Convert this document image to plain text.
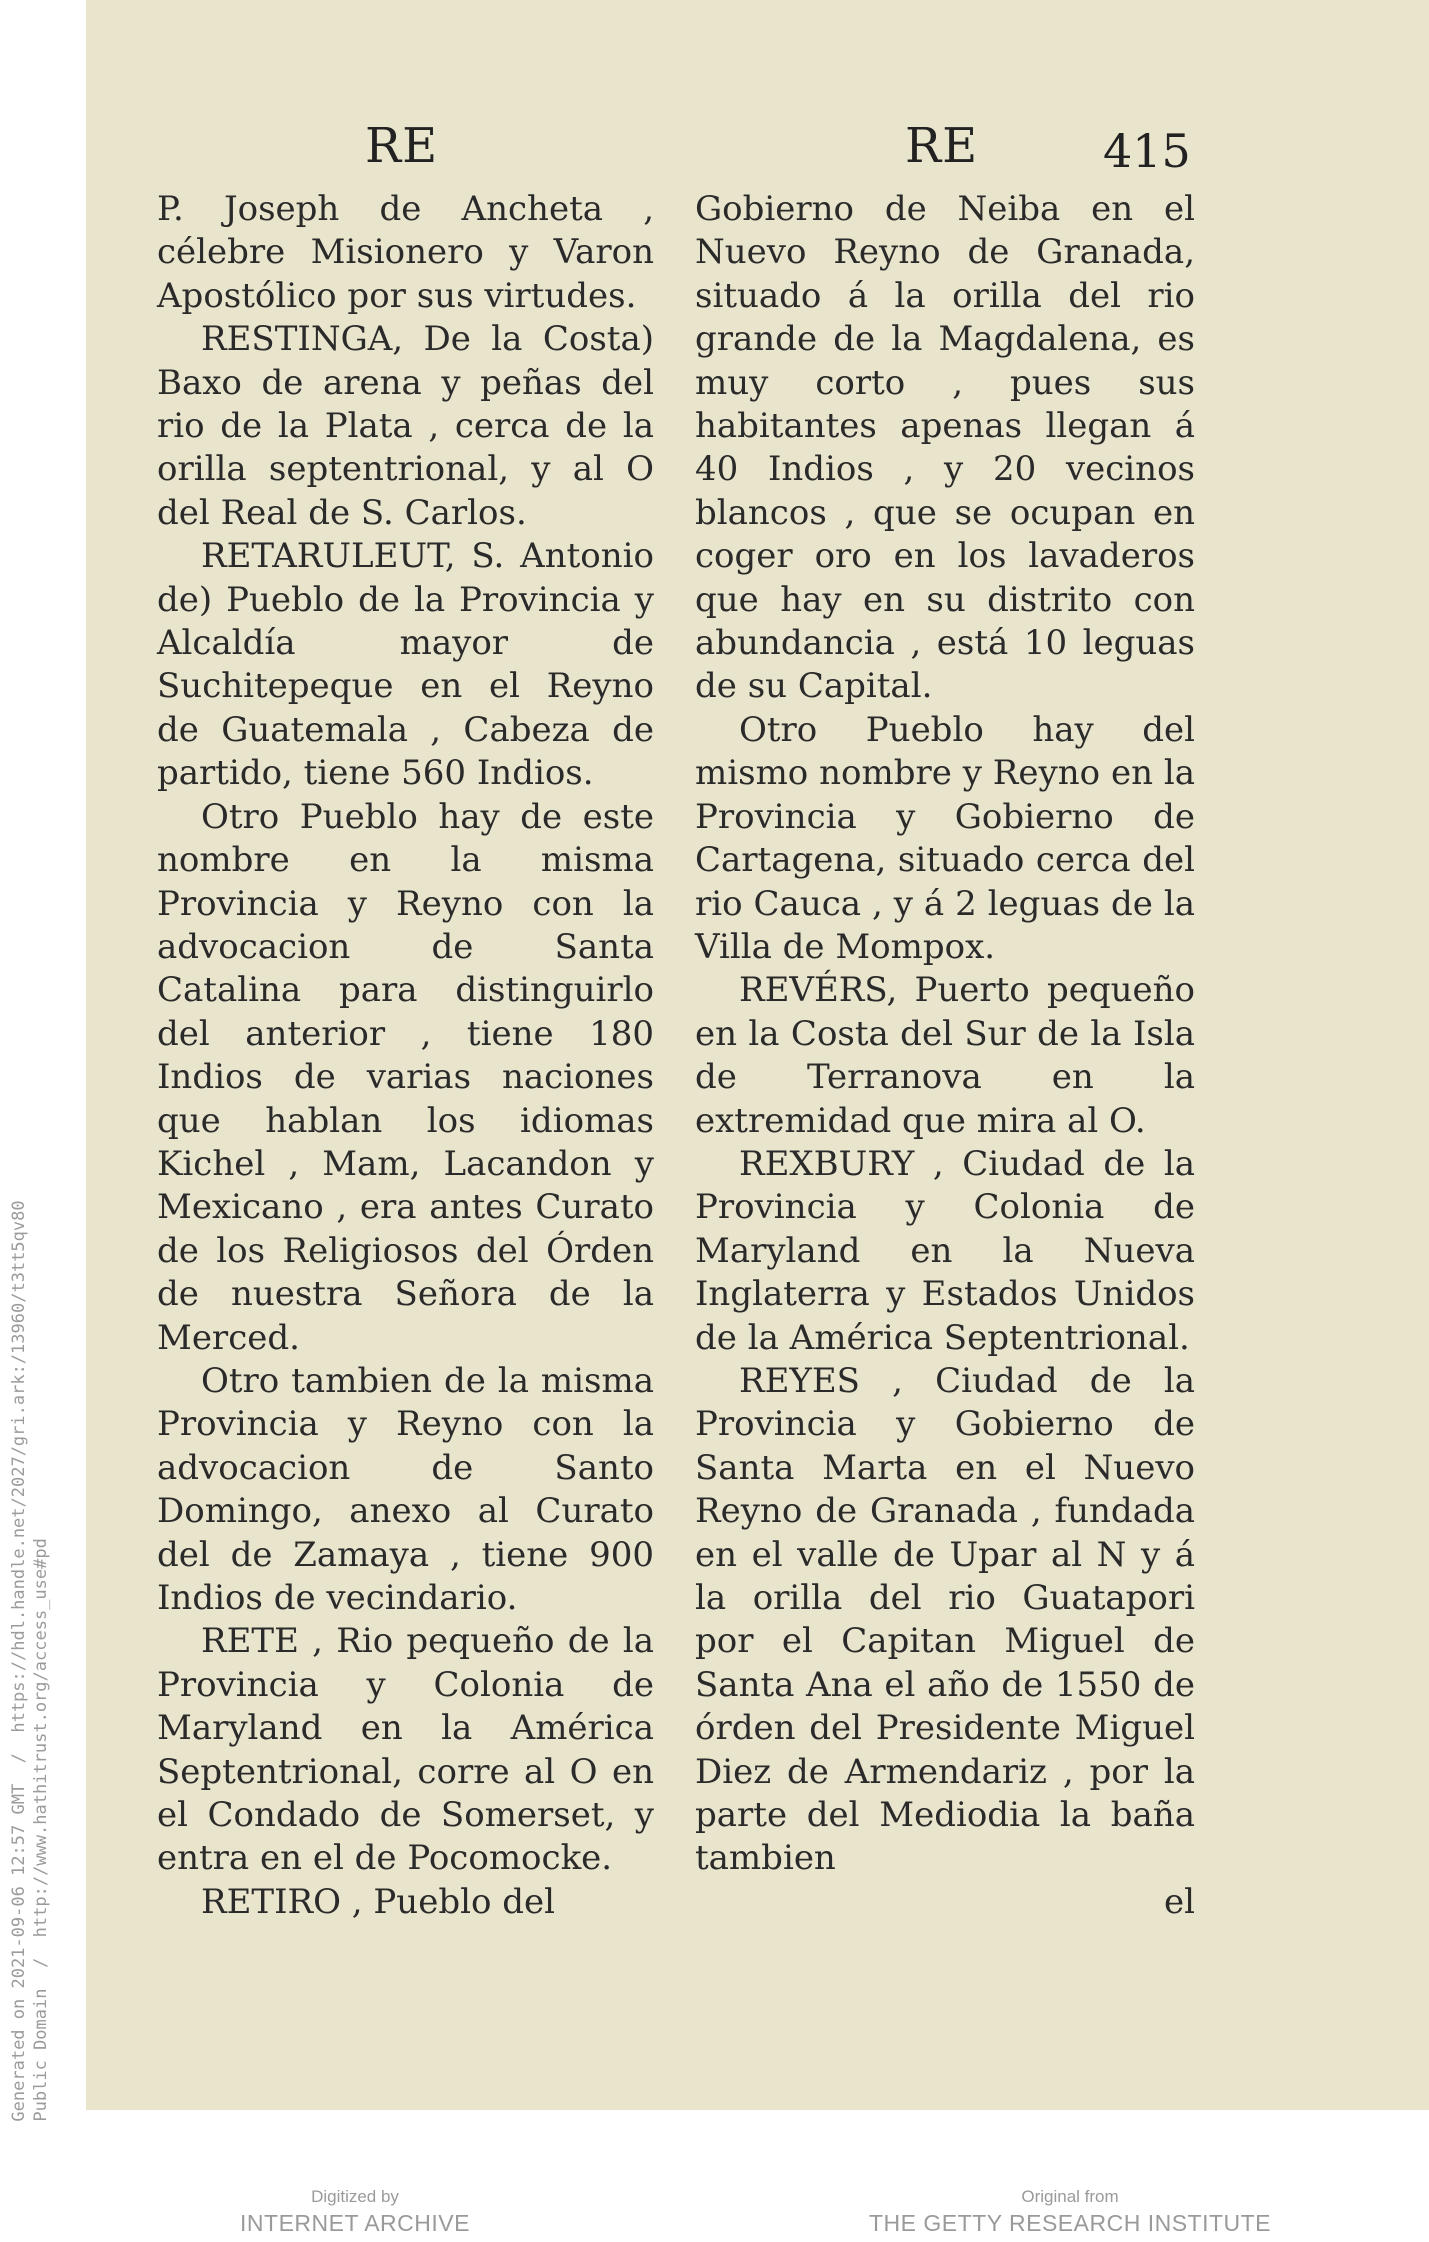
Generated on 2021-09-06 12:57 GMT  /  https://hdl.handle.net/2027/gri.ark:/13960/t3tt5qv80 Public Domain  /  http://www.hathitrust.org/access_use#pd
RE	RE	415

P. Joseph de Ancheta , célebre Misionero y Varon Apostólico por sus virtudes.

RESTINGA, De la Costa) Baxo de arena y peñas del rio de la Plata , cerca de la orilla septentrional, y al O del Real de S. Carlos.

RETARULEUT, S. Antonio de) Pueblo de la Provincia y Alcaldía mayor de Suchitepeque en el Reyno de Guatemala , Cabeza de partido, tiene 560 Indios.

Otro Pueblo hay de este nombre en la misma Provincia y Reyno con la advocacion de Santa Catalina para distinguirlo del anterior , tiene 180 Indios de varias naciones que hablan los idiomas Kichel , Mam, Lacandon y Mexicano , era antes Curato de los Religiosos del Órden de nuestra Señora de la Merced.

Otro tambien de la misma Provincia y Reyno con la advocacion de Santo Domingo, anexo al Curato del de Zamaya , tiene 900 Indios de vecindario.

RETE , Rio pequeño de la Provincia y Colonia de Maryland en la América Septentrional, corre al O en el Condado de Somerset, y entra en el de Pocomocke.

RETIRO , Pueblo del

Gobierno de Neiba en el Nuevo Reyno de Granada, situado á la orilla del rio grande de la Magdalena, es muy corto , pues sus habitantes apenas llegan á 40 Indios , y 20 vecinos blancos , que se ocupan en coger oro en los lavaderos que hay en su distrito con abundancia , está 10 leguas de su Capital.

Otro Pueblo hay del mismo nombre y Reyno en la Provincia y Gobierno de Cartagena, situado cerca del rio Cauca , y á 2 leguas de la Villa de Mompox.

REVÉRS, Puerto pequeño en la Costa del Sur de la Isla de Terranova en la extremidad que mira al O.

REXBURY , Ciudad de la Provincia y Colonia de Maryland en la Nueva Inglaterra y Estados Unidos de la América Septentrional.

REYES , Ciudad de la Provincia y Gobierno de Santa Marta en el Nuevo Reyno de Granada , fundada en el valle de Upar al N y á la orilla del rio Guatapori por el Capitan Miguel de Santa Ana el año de 1550 de órden del Presidente Miguel Diez de Armendariz , por la parte del Mediodia la baña tambien

el

Digitized by
INTERNET ARCHIVE
Original from
THE GETTY RESEARCH INSTITUTE
